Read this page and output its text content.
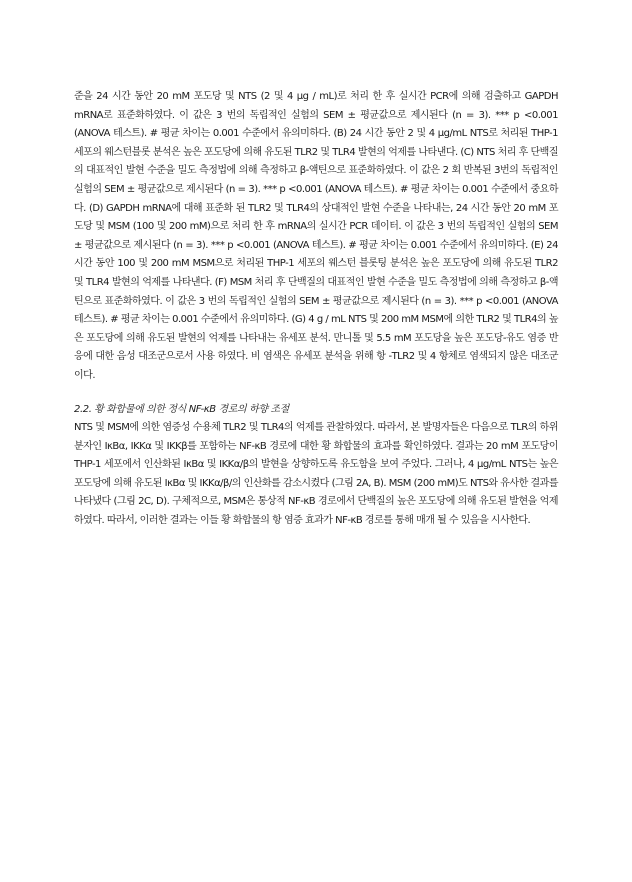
준을 24 시간 동안 20 mM 포도당 및 NTS (2 및 4 μg / mL)로 처리 한 후 실시간 PCR에 의해 검출하고 GAPDH mRNA로 표준화하였다. 이 값은 3 번의 독립적인 실험의 SEM ± 평균값으로 제시된다 (n = 3). *** p <0.001 (ANOVA 테스트). # 평균 차이는 0.001 수준에서 유의미하다. (B) 24 시간 동안 2 및 4 μg/mL NTS로 처리된 THP-1 세포의 웨스턴블롯 분석은 높은 포도당에 의해 유도된 TLR2 및 TLR4 발현의 억제를 나타낸다. (C) NTS 처리 후 단백질의 대표적인 발현 수준을 밀도 측정법에 의해 측정하고 β-액틴으로 표준화하였다. 이 값은 2 회 반복된 3번의 독립적인 실험의 SEM ± 평균값으로 제시된다 (n = 3). *** p <0.001 (ANOVA 테스트). # 평균 차이는 0.001 수준에서 중요하다. (D) GAPDH mRNA에 대해 표준화 된 TLR2 및 TLR4의 상대적인 발현 수준을 나타내는, 24 시간 동안 20 mM 포도당 및 MSM (100 및 200 mM)으로 처리 한 후 mRNA의 실시간 PCR 데이터. 이 값은 3 번의 독립적인 실험의 SEM ± 평균값으로 제시된다 (n = 3). *** p <0.001 (ANOVA 테스트). # 평균 차이는 0.001 수준에서 유의미하다. (E) 24 시간 동안 100 및 200 mM MSM으로 처리된 THP-1 세포의 웨스턴 블롯팅 분석은 높은 포도당에 의해 유도된 TLR2 및 TLR4 발현의 억제를 나타낸다. (F) MSM 처리 후 단백질의 대표적인 발현 수준을 밀도 측정법에 의해 측정하고 β-액틴으로 표준화하였다. 이 값은 3 번의 독립적인 실험의 SEM ± 평균값으로 제시된다 (n = 3). *** p <0.001 (ANOVA 테스트). # 평균 차이는 0.001 수준에서 유의미하다. (G) 4 g / mL NTS 및 200 mM MSM에 의한 TLR2 및 TLR4의 높은 포도당에 의해 유도된 발현의 억제를 나타내는 유세포 분석. 만니톨 및 5.5 mM 포도당을 높은 포도당-유도 염증 반응에 대한 음성 대조군으로서 사용 하였다. 비 염색은 유세포 분석을 위해 항 -TLR2 및 4 항체로 염색되지 않은 대조군이다.

2.2. 황 화합물에 의한 정식 NF-κB 경로의 하향 조절

NTS 및 MSM에 의한 염증성 수용체 TLR2 및 TLR4의 억제를 관찰하였다. 따라서, 본 발명자들은 다음으로 TLR의 하위 분자인 IκBα, IKKα 및 IKKβ를 포함하는 NF-κB 경로에 대한 황 화합물의 효과를 확인하였다. 결과는 20 mM 포도당이 THP-1 세포에서 인산화된 IκBα 및 IKKα/β의 발현을 상향하도록 유도함을 보여 주었다. 그러나, 4 μg/mL NTS는 높은 포도당에 의해 유도된 IκBα 및 IKKα/β/의 인산화를 감소시켰다 (그림 2A, B). MSM (200 mM)도 NTS와 유사한 결과를 나타냈다 (그림 2C, D). 구체적으로, MSM은 통상적 NF-κB 경로에서 단백질의 높은 포도당에 의해 유도된 발현을 억제 하였다. 따라서, 이러한 결과는 이들 황 화합물의 항 염증 효과가 NF-κB 경로를 통해 매개 될 수 있음을 시사한다.
